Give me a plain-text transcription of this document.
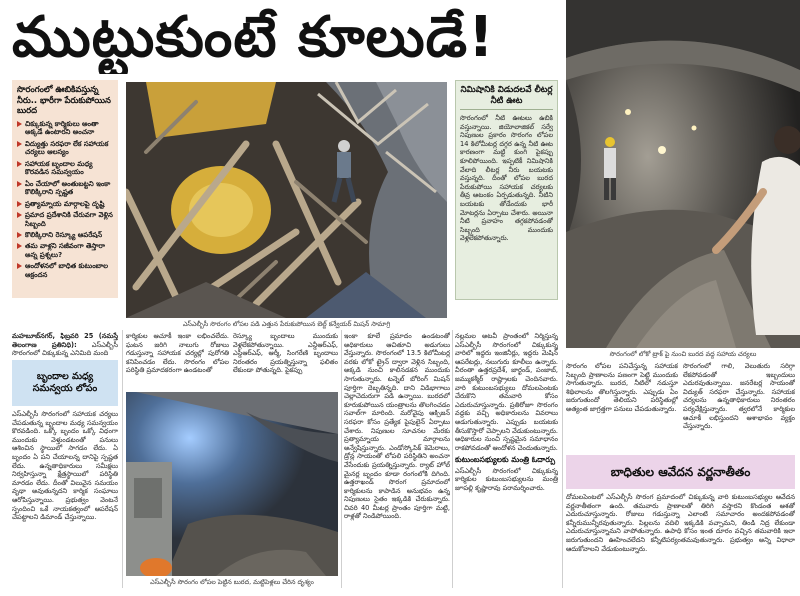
ముట్టుకుంటే కూలుడే!
సొరంగంలో లోకో ట్రాక్ పై నుంచి బురద వద్ద సహాయ చర్యలు
సొరంగంలో ఊబికివస్తున్న నీరు.. భారీగా పేరుకుపోయిన బురద
చిక్కుకున్న కార్మికులు అంతా అక్కడే ఉంటారని అంచనా
విద్యుత్తు సరఫరా లేక సహాయక చర్యలు ఆలస్యం
సహాయక బృందాల మధ్య కొరవడిన సమన్వయం
ఏం చేయాలో అంతుబట్టని ఇంకా కొలిక్కిరాని స్పష్టత
ప్రత్యామ్నాయ మార్గాలపై దృష్టి
ప్రమాద ప్రదేశానికి చేరువగా వెళ్లిన సిబ్బంది
కొలిక్కిరాని రెస్క్యూ ఆపరేషన్
తమ వాళ్లని సజీవంగా తెస్తారా అన్న ప్రశ్నలు?
ఆందోళనలో బాధిత కుటుంబాల ఆక్రందన
ఎస్ఎల్బీసీ సొరంగం లోపల పడి ఎత్తున పేరుకుపోయిన బెల్ట్ కన్వేయర్ మిషన్ సామాగ్రి
నిమిషానికి విడుదలవే లీటర్ల నీటి ఊట
సొరంగంలో నీటి ఊటలు ఉబికి వస్తున్నాయి. జియోలాజికల్ సర్వే నిపుణుల ప్రకారం సొరంగం లోపల 14 కిలోమీటర్ల దగ్గర ఉన్న నీటి ఊట కారణంగా మట్టి కుంగి పైకప్పు కూలిపోయింది. ఇప్పటికీ నిమిషానికి వేలాది లీటర్ల నీరు బయటకు వస్తున్నది. దీంతో లోపల బురద పేరుకుపోయి సహాయక చర్యలకు తీవ్ర ఆటంకం ఏర్పడుతున్నది. నీటిని బయటకు తోడేందుకు భారీ మోటర్లను ఏర్పాటు చేశారు. అయినా నీటి ప్రవాహం తగ్గకపోవడంతో సిబ్బంది ముందుకు వెళ్లలేకపోతున్నారు.
మహబూబ్‌నగర్, ఫిబ్రవరి 25 (నమస్తే తెలంగాణ ప్రతినిధి): ఎస్ఎల్బీసీ సొరంగంలో చిక్కుకున్న ఎనిమిది మంది
బృందాల మధ్య సమన్వయ లోపం
ఎస్ఎల్బీసీ సొరంగంలో సహాయక చర్యలు చేపడుతున్న బృందాల మధ్య సమన్వయం కొరవడింది. ఒక్కో బృందం ఒక్కో విధంగా ముందుకు వెళ్తుండటంతో పనులు ఆశించిన స్థాయిలో సాగడం లేదు. ఏ బృందం ఏ పని చేయాలన్న దానిపై స్పష్టత లేదు. ఉన్నతాధికారులు సమీక్షలు నిర్వహిస్తున్నా క్షేత్రస్థాయిలో పరిస్థితి మారడం లేదు. దీంతో విలువైన సమయం వృథా అవుతున్నదని కార్మిక సంఘాలు ఆరోపిస్తున్నాయి. ప్రభుత్వం వెంటనే స్పందించి ఒకే నాయకత్వంలో ఆపరేషన్ చేపట్టాలని డిమాండ్ చేస్తున్నాయి.
కార్మికుల ఆచూకీ ఇంకా లభించలేదు. ఘటన జరిగి నాలుగు రోజులు గడుస్తున్నా సహాయక చర్యల్లో పురోగతి కనిపించడం లేదు. సొరంగం లోపల పరిస్థితి ప్రమాదకరంగా ఉండటంతో
రెస్క్యూ బృందాలు ముందుకు వెళ్లలేకపోతున్నాయి. ఎన్డీఆర్ఎఫ్, ఎస్డీఆర్ఎఫ్, ఆర్మీ, సింగరేణి బృందాలు నిరంతరం ప్రయత్నిస్తున్నా ఫలితం లేకుండా పోతున్నది. పైకప్పు
ఎస్ఎల్బీసీ సొరంగం లోపల పెట్టిన బురద, మట్టిపెళ్లలు చేరిన దృశ్యం
ఇంకా కూలే ప్రమాదం ఉండటంతో అధికారులు ఆచితూచి అడుగులు వేస్తున్నారు. సొరంగంలో 13.5 కిలోమీటర్ల వరకు లోకో ట్రైన్ ద్వారా వెళ్లిన సిబ్బంది, అక్కడి నుంచి కాలినడకన ముందుకు సాగుతున్నారు. టన్నెల్ బోరింగ్ మిషన్ పూర్తిగా దెబ్బతిన్నది. దాని విడిభాగాలు చెల్లాచెదురుగా పడి ఉన్నాయి. బురదలో కూరుకుపోయిన యంత్రాలను తొలగించడం సవాల్‌గా మారింది. మరోవైపు ఆక్సిజన్ సరఫరా కోసం ప్రత్యేక పైపులైన్ ఏర్పాటు చేశారు. నిపుణుల సూచనల మేరకు ప్రత్యామ్నాయ మార్గాలను అన్వేషిస్తున్నారు. ఎండోస్కోపిక్ కెమెరాలు, డ్రోన్ల సాయంతో లోపలి పరిస్థితిని అంచనా వేసేందుకు ప్రయత్నిస్తున్నారు. ర్యాట్ హోల్ మైనర్ల బృందం కూడా రంగంలోకి దిగింది. ఉత్తరాఖండ్ సొరంగ ప్రమాదంలో కార్మికులను కాపాడిన అనుభవం ఉన్న నిపుణులు సైతం ఇక్కడికి చేరుకున్నారు. చివరి 40 మీటర్ల ప్రాంతం పూర్తిగా మట్టి, రాళ్లతో నిండిపోయింది.
నల్లమల అటవీ ప్రాంతంలో నిర్మిస్తున్న ఎస్ఎల్బీసీ సొరంగంలో చిక్కుకున్న వారిలో ఇద్దరు ఇంజినీర్లు, ఇద్దరు మెషిన్ ఆపరేటర్లు, నలుగురు కూలీలు ఉన్నారు. వీరంతా ఉత్తరప్రదేశ్, జార్ఖండ్, పంజాబ్, జమ్ముకశ్మీర్ రాష్ట్రాలకు చెందినవారు. వారి కుటుంబసభ్యులు దోమలపెంటకు చేరుకొని తమవారి కోసం ఎదురుచూస్తున్నారు. ప్రతిరోజూ సొరంగం వద్దకు వచ్చి అధికారులను వివరాలు అడుగుతున్నారు. ఎప్పుడు బయటకు తీసుకొస్తారో చెప్పాలని వేడుకుంటున్నారు. అధికారుల నుంచి స్పష్టమైన సమాధానం రాకపోవడంతో ఆందోళన చెందుతున్నారు.
కుటుంబసభ్యులకు మంత్రి ఓదార్పు
ఎస్ఎల్బీసీ సొరంగంలో చిక్కుకున్న కార్మికుల కుటుంబసభ్యులను మంత్రి జూపల్లి కృష్ణారావు పరామర్శించారు.
సొరంగం లోపల పనిచేస్తున్న సహాయక సిబ్బంది ప్రాణాలను పణంగా పెట్టి ముందుకు సాగుతున్నారు. బురద, నీటిలో నడుస్తూ శిథిలాలను తొలగిస్తున్నారు. ఎప్పుడు ఏం జరుగుతుందో తెలియని పరిస్థితుల్లో అత్యంత జాగ్రత్తగా పనులు చేపడుతున్నారు.
సొరంగంలో గాలి, వెలుతురు సరిగ్గా లేకపోవడంతో ఇబ్బందులు ఎదురవుతున్నాయి. జనరేటర్ల సాయంతో విద్యుత్ సరఫరా చేస్తున్నారు. సహాయక చర్యలను ఉన్నతాధికారులు నిరంతరం పర్యవేక్షిస్తున్నారు. త్వరలోనే కార్మికుల ఆచూకీ లభిస్తుందని ఆశాభావం వ్యక్తం చేస్తున్నారు.
బాధితుల ఆవేదన వర్ణనాతీతం
దోమలపెంటలో ఎస్ఎల్బీసీ సొరంగ ప్రమాదంలో చిక్కుకున్న వారి కుటుంబసభ్యుల ఆవేదన వర్ణనాతీతంగా ఉంది. తమవారు ప్రాణాలతో తిరిగి వస్తారని కొండంత ఆశతో ఎదురుచూస్తున్నారు. రోజులు గడుస్తున్నా ఎలాంటి సమాచారం అందకపోవడంతో కన్నీరుమున్నీరవుతున్నారు. పిల్లలను వదిలి ఇక్కడికి వచ్చామని, తిండి నిద్ర లేకుండా ఎదురుచూస్తున్నామని వాపోతున్నారు. ఉపాధి కోసం ఇంత దూరం వచ్చిన తమవారికి ఇలా జరుగుతుందని ఊహించలేదని కన్నీటిపర్యంతమవుతున్నారు. ప్రభుత్వం అన్ని విధాలా ఆదుకోవాలని వేడుకుంటున్నారు.
